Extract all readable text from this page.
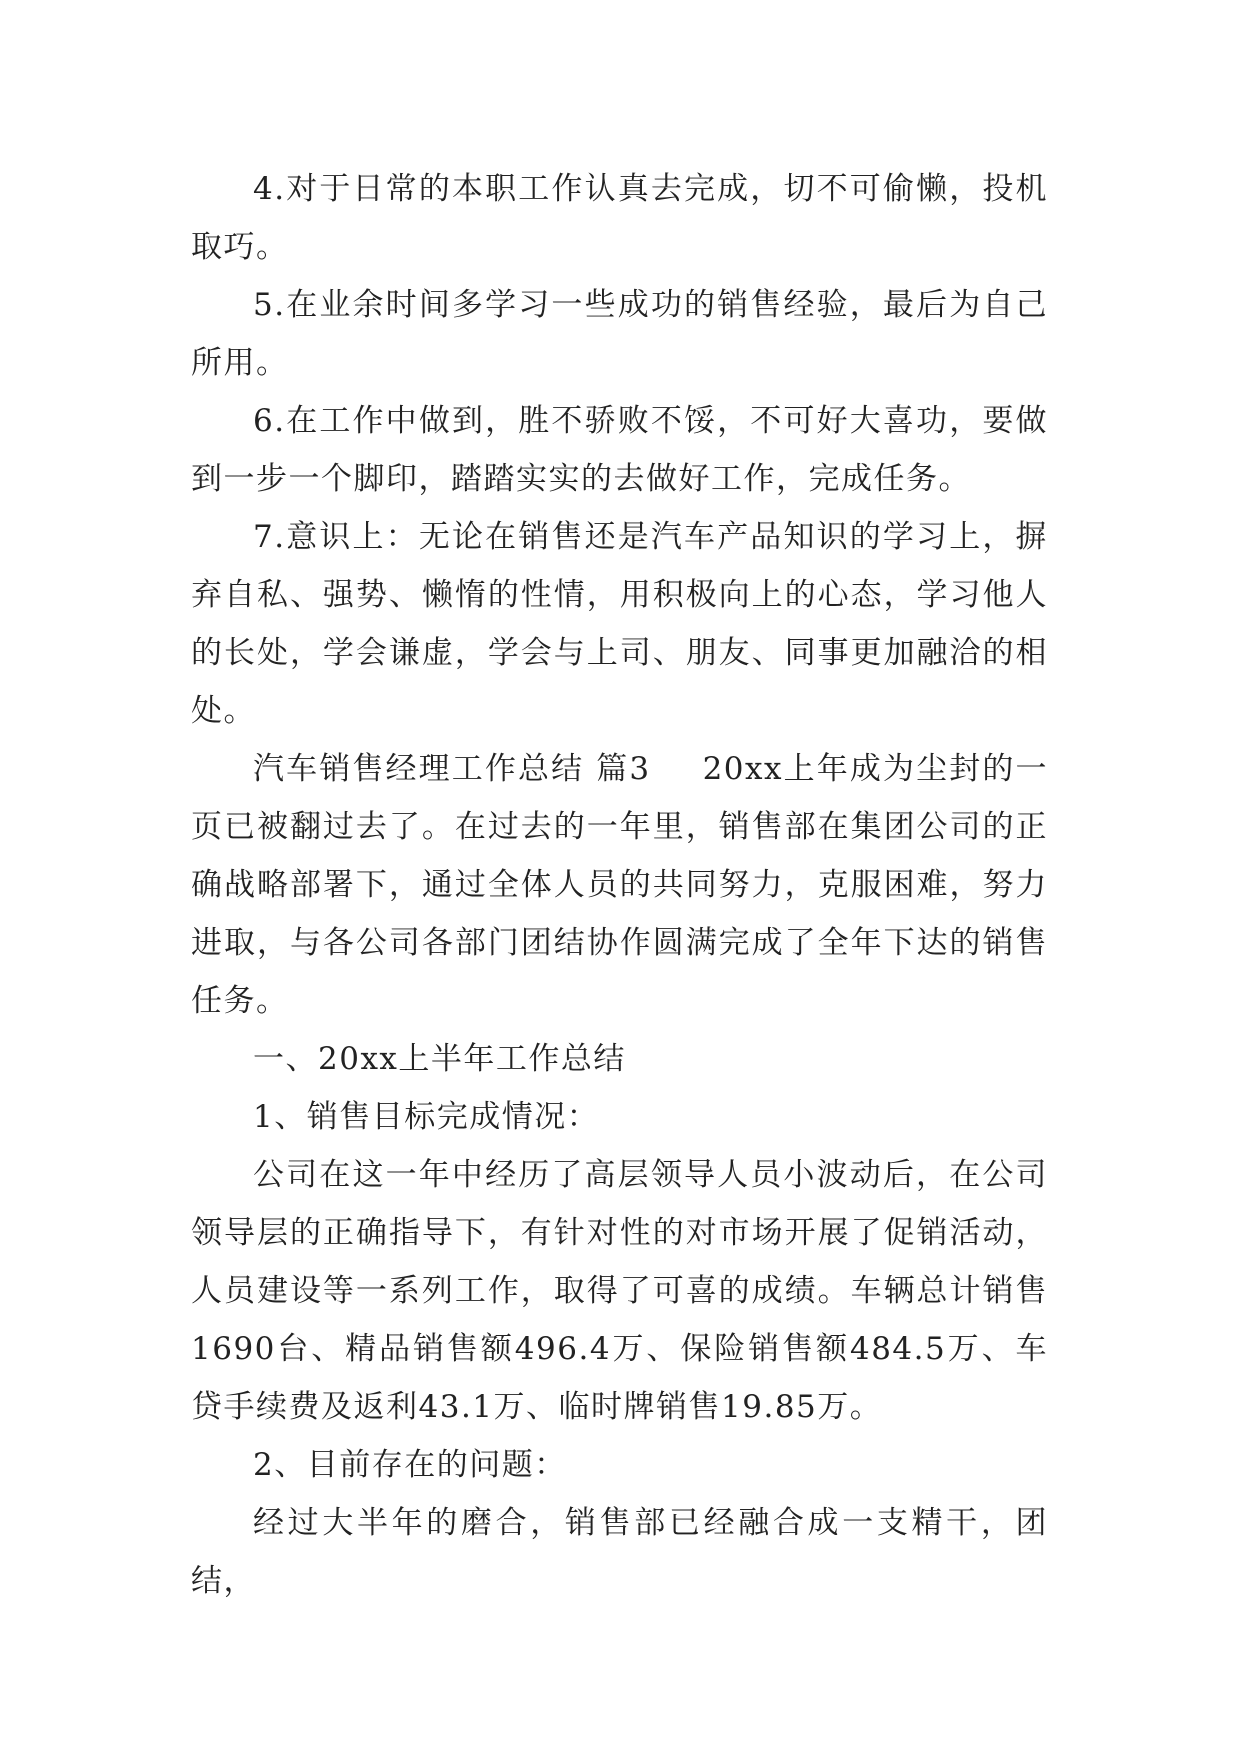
4.对于日常的本职工作认真去完成，切不可偷懒，投机取巧。

5.在业余时间多学习一些成功的销售经验，最后为自己所用。

6.在工作中做到，胜不骄败不馁，不可好大喜功，要做到一步一个脚印，踏踏实实的去做好工作，完成任务。

7.意识上：无论在销售还是汽车产品知识的学习上，摒弃自私、强势、懒惰的性情，用积极向上的心态，学习他人的长处，学会谦虚，学会与上司、朋友、同事更加融洽的相处。

汽车销售经理工作总结 篇3 20xx上年成为尘封的一页已被翻过去了。在过去的一年里，销售部在集团公司的正确战略部署下，通过全体人员的共同努力，克服困难，努力进取，与各公司各部门团结协作圆满完成了全年下达的销售任务。

一、20xx上半年工作总结

1、销售目标完成情况：

公司在这一年中经历了高层领导人员小波动后，在公司领导层的正确指导下，有针对性的对市场开展了促销活动，人员建设等一系列工作，取得了可喜的成绩。车辆总计销售1690台、精品销售额496.4万、保险销售额484.5万、车贷手续费及返利43.1万、临时牌销售19.85万。

2、目前存在的问题：

经过大半年的磨合，销售部已经融合成一支精干，团结，
